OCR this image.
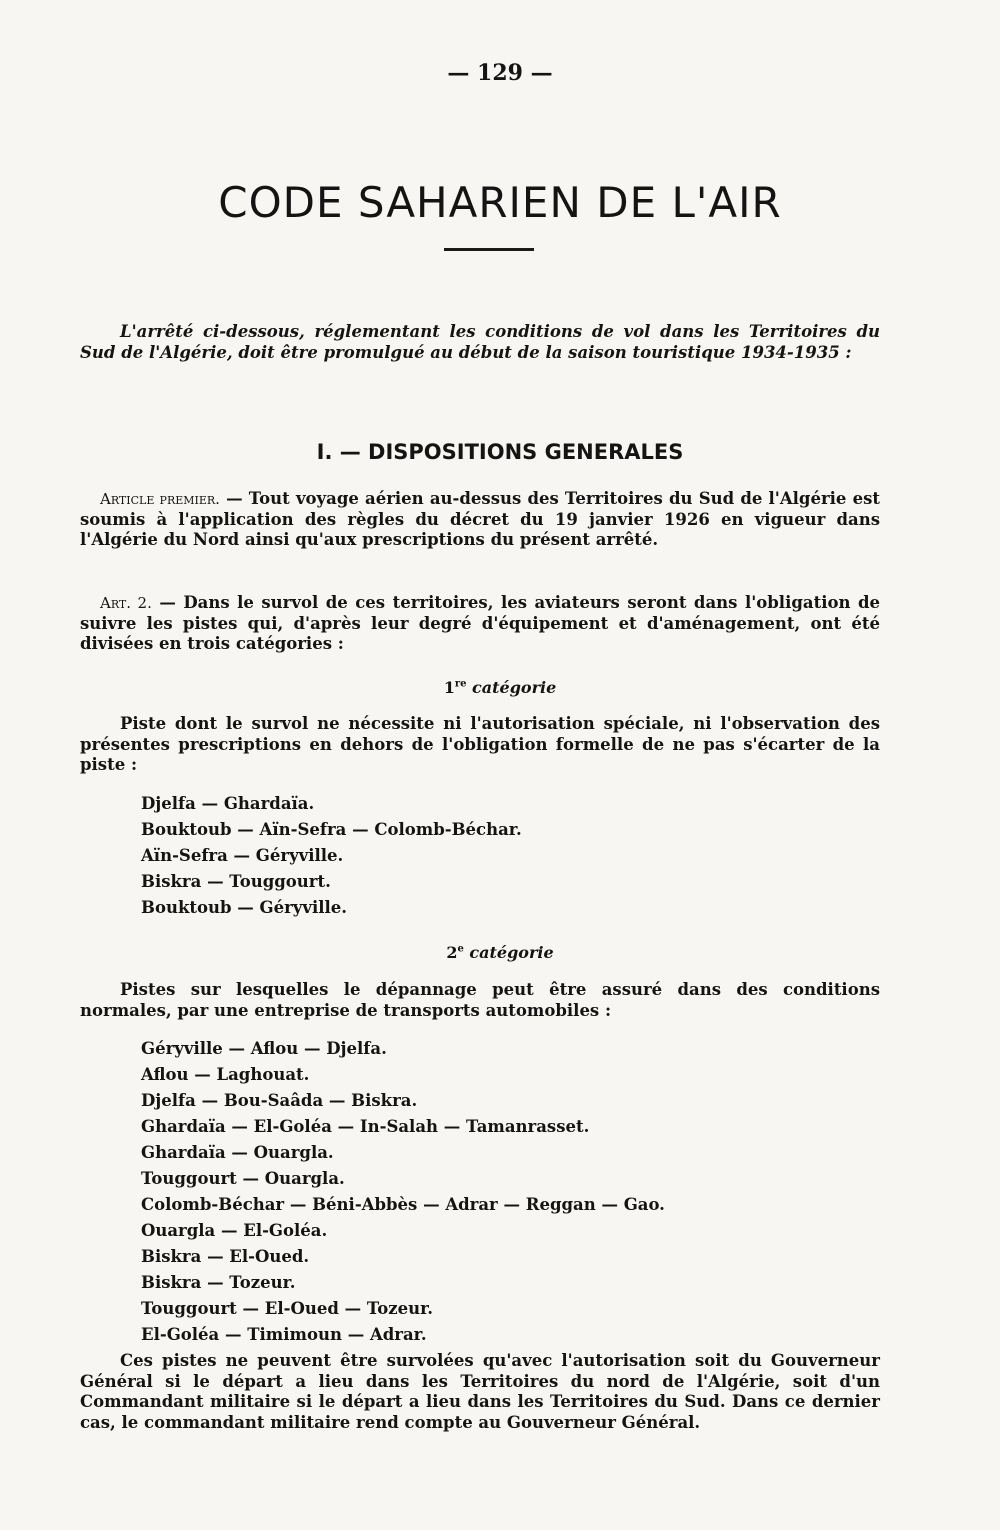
— 129 —
CODE SAHARIEN DE L'AIR

L'arrêté ci-dessous, réglementant les conditions de vol dans les Territoires du Sud de l'Algérie, doit être promulgué au début de la saison touristique 1934-1935 :

I. — DISPOSITIONS GENERALES

Article premier. — Tout voyage aérien au-dessus des Territoires du Sud de l'Algérie est soumis à l'application des règles du décret du 19 janvier 1926 en vigueur dans l'Algérie du Nord ainsi qu'aux prescriptions du présent arrêté.

Art. 2. — Dans le survol de ces territoires, les aviateurs seront dans l'obligation de suivre les pistes qui, d'après leur degré d'équipement et d'aménagement, ont été divisées en trois catégories :

1re catégorie

Piste dont le survol ne nécessite ni l'autorisation spéciale, ni l'observation des présentes prescriptions en dehors de l'obligation formelle de ne pas s'écarter de la piste :

Djelfa — Ghardaïa.
Bouktoub — Aïn-Sefra — Colomb-Béchar.
Aïn-Sefra — Géryville.
Biskra — Touggourt.
Bouktoub — Géryville.
2e catégorie

Pistes sur lesquelles le dépannage peut être assuré dans des conditions normales, par une entreprise de transports automobiles :

Géryville — Aflou — Djelfa.
Aflou — Laghouat.
Djelfa — Bou-Saâda — Biskra.
Ghardaïa — El-Goléa — In-Salah — Tamanrasset.
Ghardaïa — Ouargla.
Touggourt — Ouargla.
Colomb-Béchar — Béni-Abbès — Adrar — Reggan — Gao.
Ouargla — El-Goléa.
Biskra — El-Oued.
Biskra — Tozeur.
Touggourt — El-Oued — Tozeur.
El-Goléa — Timimoun — Adrar.

Ces pistes ne peuvent être survolées qu'avec l'autorisation soit du Gouverneur Général si le départ a lieu dans les Territoires du nord de l'Algérie, soit d'un Commandant militaire si le départ a lieu dans les Territoires du Sud. Dans ce dernier cas, le commandant militaire rend compte au Gouverneur Général.
